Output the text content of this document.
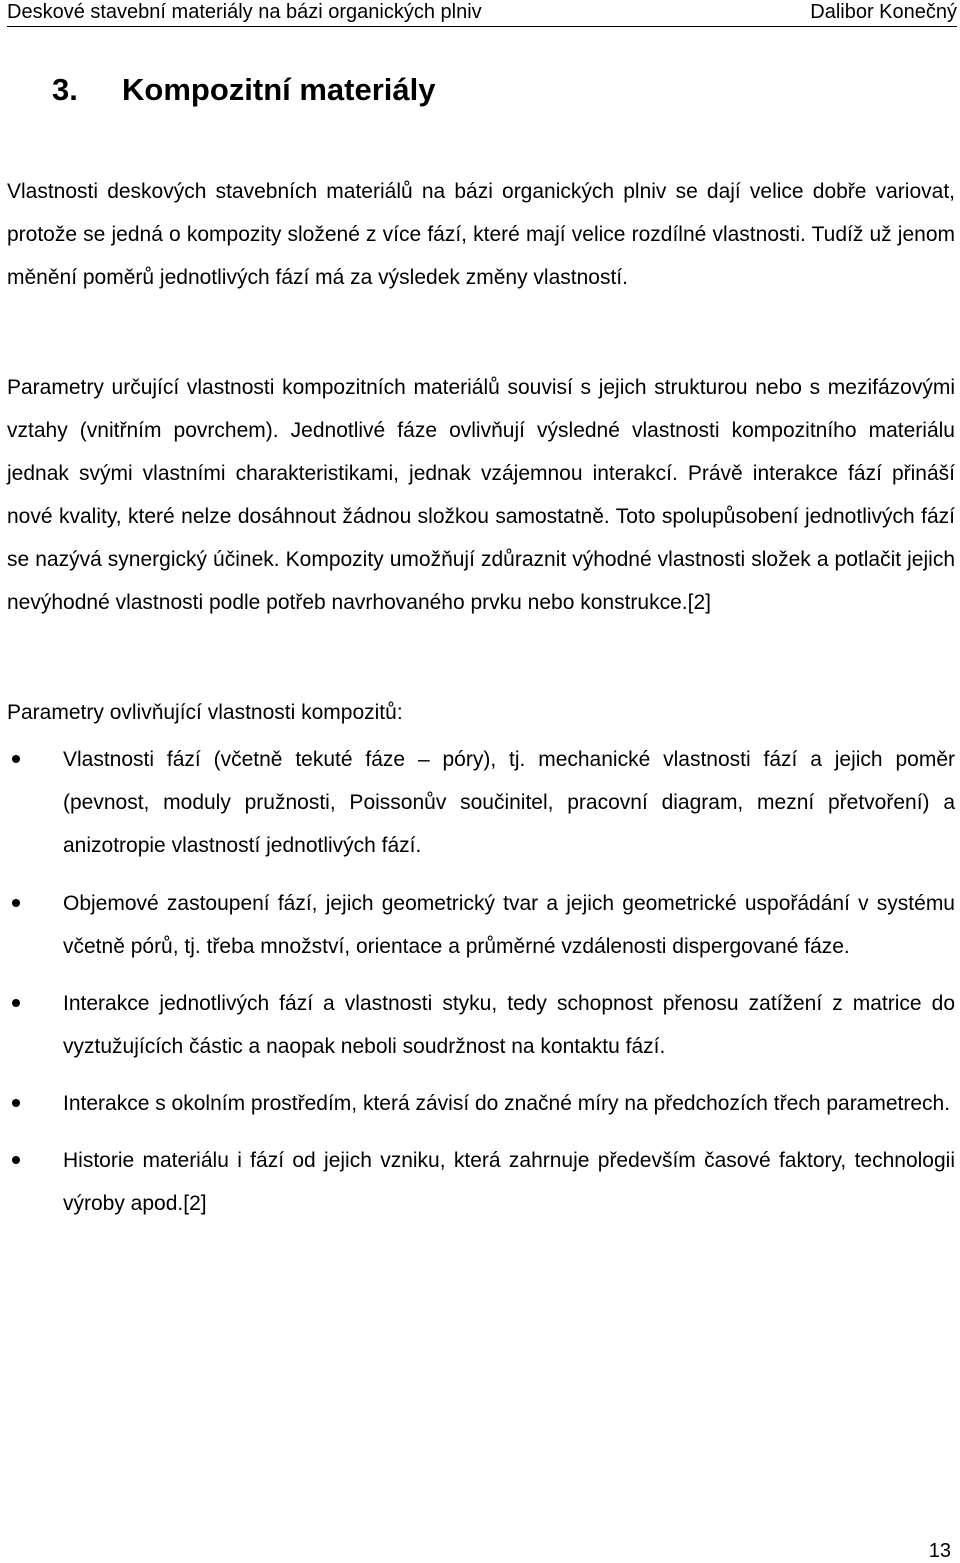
Deskové stavební materiály na bázi organických plniv	Dalibor Konečný
3. Kompozitní materiály

Vlastnosti deskových stavebních materiálů na bázi organických plniv se dají velice dobře variovat, protože se jedná o kompozity složené z více fází, které mají velice rozdílné vlastnosti. Tudíž už jenom měnění poměrů jednotlivých fází má za výsledek změny vlastností.

Parametry určující vlastnosti kompozitních materiálů souvisí s jejich strukturou nebo s mezifázovými vztahy (vnitřním povrchem). Jednotlivé fáze ovlivňují výsledné vlastnosti kompozitního materiálu jednak svými vlastními charakteristikami, jednak vzájemnou interakcí. Právě interakce fází přináší nové kvality, které nelze dosáhnout žádnou složkou samostatně. Toto spolupůsobení jednotlivých fází se nazývá synergický účinek. Kompozity umožňují zdůraznit výhodné vlastnosti složek a potlačit jejich nevýhodné vlastnosti podle potřeb navrhovaného prvku nebo konstrukce.[2]

Parametry ovlivňující vlastnosti kompozitů:

Vlastnosti fází (včetně tekuté fáze – póry), tj. mechanické vlastnosti fází a jejich poměr (pevnost, moduly pružnosti, Poissonův součinitel, pracovní diagram, mezní přetvoření) a anizotropie vlastností jednotlivých fází.
Objemové zastoupení fází, jejich geometrický tvar a jejich geometrické uspořádání v systému včetně pórů, tj. třeba množství, orientace a průměrné vzdálenosti dispergované fáze.
Interakce jednotlivých fází a vlastnosti styku, tedy schopnost přenosu zatížení z matrice do vyztužujících částic a naopak neboli soudržnost na kontaktu fází.
Interakce s okolním prostředím, která závisí do značné míry na předchozích třech parametrech.
Historie materiálu i fází od jejich vzniku, která zahrnuje především časové faktory, technologii výroby apod.[2]
13
